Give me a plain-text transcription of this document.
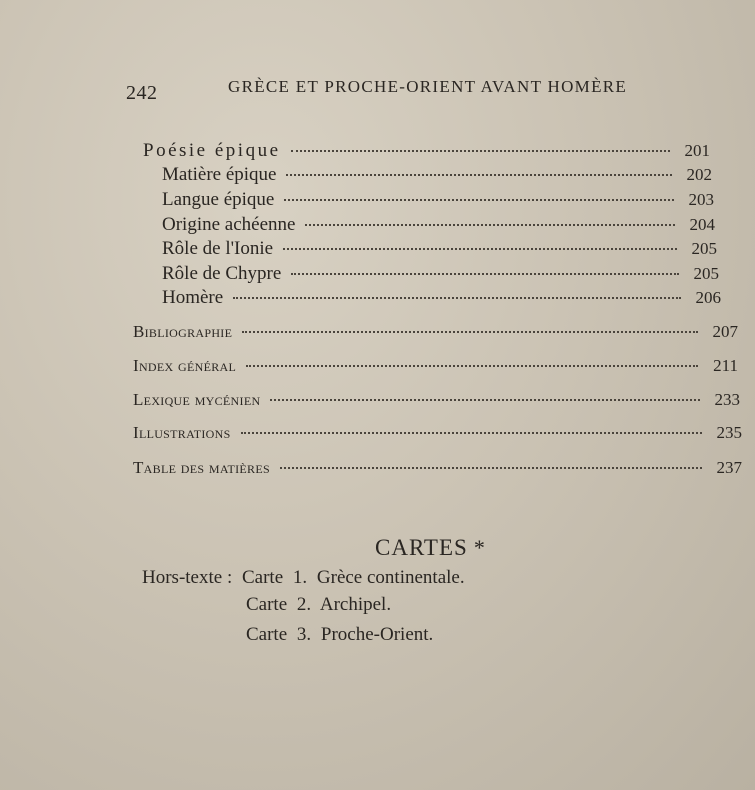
242	GRÈCE ET PROCHE-ORIENT AVANT HOMÈRE
Poésie épique	201
Matière épique	202
Langue épique	203
Origine achéenne	204
Rôle de l'Ionie	205
Rôle de Chypre	205
Homère	206
Bibliographie	207
Index général	211
Lexique mycénien	233
Illustrations	235
Table des matières	237
CARTES *
Hors-texte : Carte 1. Grèce continentale.
Carte 2. Archipel.
Carte 3. Proche-Orient.
